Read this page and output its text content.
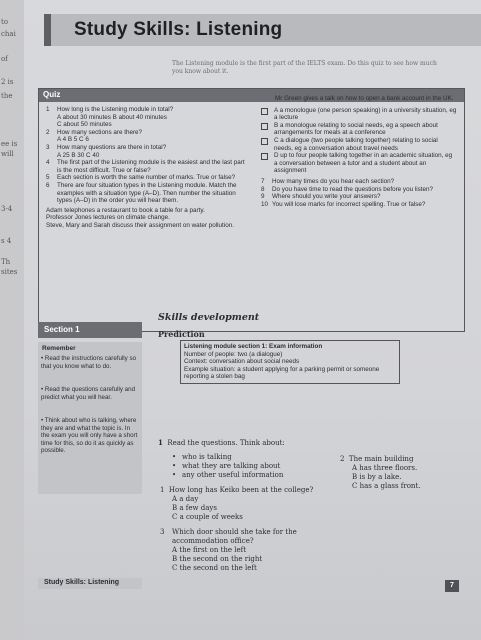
to
chai
of
2 is
the
ee is
will
3-4
s 4
Th
sites
Study Skills: Listening
The Listening module is the first part of the IELTS exam. Do this quiz to see how much you know about it.
Quiz
1 How long is the Listening module in total?
A about 30 minutes B about 40 minutes
C about 50 minutes
2 How many sections are there?
A 4 B 5 C 6
3 How many questions are there in total?
A 25 B 30 C 40
4 The first part of the Listening module is the easiest and the last part is the most difficult. True or false?
5 Each section is worth the same number of marks. True or false?
6 There are four situation types in the Listening module. Match the examples with a situation type (A–D). Then number the situation types (A–D) in the order you will hear them.
Adam telephones a restaurant to book a table for a party.
Professor Jones lectures on climate change.
Steve, Mary and Sarah discuss their assignment on water pollution.
Mr Green gives a talk on how to open a bank account in the UK.
A a monologue (one person speaking) in a university situation, eg a lecture
B a monologue relating to social needs, eg a speech about arrangements for meals at a conference
C a dialogue (two people talking together) relating to social needs, eg a conversation about travel needs
D up to four people talking together in an academic situation, eg a conversation between a tutor and a student about an assignment
7 How many times do you hear each section?
8 Do you have time to read the questions before you listen?
9 Where should you write your answers?
10 You will lose marks for incorrect spelling. True or false?
Section 1
Remember
• Read the instructions carefully so that you know what to do.
• Read the questions carefully and predict what you will hear.
• Think about who is talking, where they are and what the topic is. In the exam you will only have a short time for this, so do it as quickly as possible.
Skills development
Prediction
Listening module section 1: Exam information
Number of people: two (a dialogue)
Context: conversation about social needs
Example situation: a student applying for a parking permit or someone reporting a stolen bag
1 Read the questions. Think about:
• who is talking
• what they are talking about
• any other useful information
1 How long has Keiko been at the college?
A a day
B a few days
C a couple of weeks
2 The main building
A has three floors.
B is by a lake.
C has a glass front.
3 Which door should she take for the accommodation office?
A the first on the left
B the second on the right
C the second on the left
Study Skills: Listening	7
